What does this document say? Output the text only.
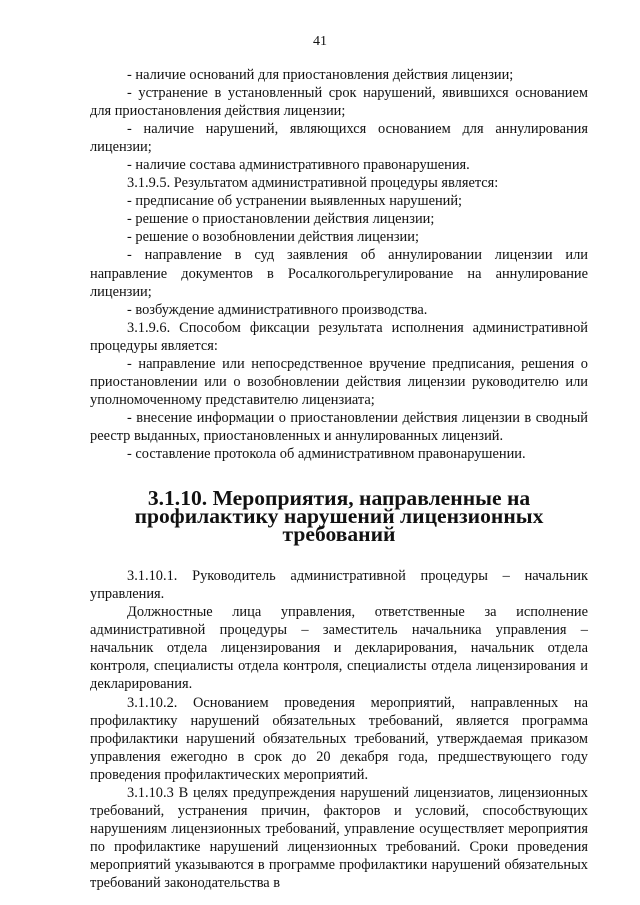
41

- наличие оснований для приостановления действия лицензии;

- устранение в установленный срок нарушений, явившихся основанием для приостановления действия лицензии;

- наличие нарушений, являющихся основанием для аннулирования лицензии;

- наличие состава административного правонарушения.

3.1.9.5. Результатом административной процедуры является:

- предписание об устранении выявленных нарушений;

- решение о приостановлении действия лицензии;

- решение о возобновлении действия лицензии;

- направление в суд заявления об аннулировании лицензии или направление документов в Росалкогольрегулирование на аннулирование лицензии;

- возбуждение административного производства.

3.1.9.6. Способом фиксации результата исполнения административной процедуры является:

- направление или непосредственное вручение предписания, решения о приостановлении или о возобновлении действия лицензии руководителю или уполномоченному представителю лицензиата;

- внесение информации о приостановлении действия лицензии в сводный реестр выданных, приостановленных и аннулированных лицензий.

- составление протокола об административном правонарушении.

3.1.10. Мероприятия, направленные на профилактику нарушений лицензионных требований

3.1.10.1. Руководитель административной процедуры – начальник управления.

Должностные лица управления, ответственные за исполнение административной процедуры – заместитель начальника управления – начальник отдела лицензирования и декларирования, начальник отдела контроля, специалисты отдела контроля, специалисты отдела лицензирования и декларирования.

3.1.10.2. Основанием проведения мероприятий, направленных на профилактику нарушений обязательных требований, является программа профилактики нарушений обязательных требований, утверждаемая приказом управления ежегодно в срок до 20 декабря года, предшествующего году проведения профилактических мероприятий.

3.1.10.3 В целях предупреждения нарушений лицензиатов, лицензионных требований, устранения причин, факторов и условий, способствующих нарушениям лицензионных требований, управление осуществляет мероприятия по профилактике нарушений лицензионных требований. Сроки проведения мероприятий указываются в программе профилактики нарушений обязательных требований законодательства в
